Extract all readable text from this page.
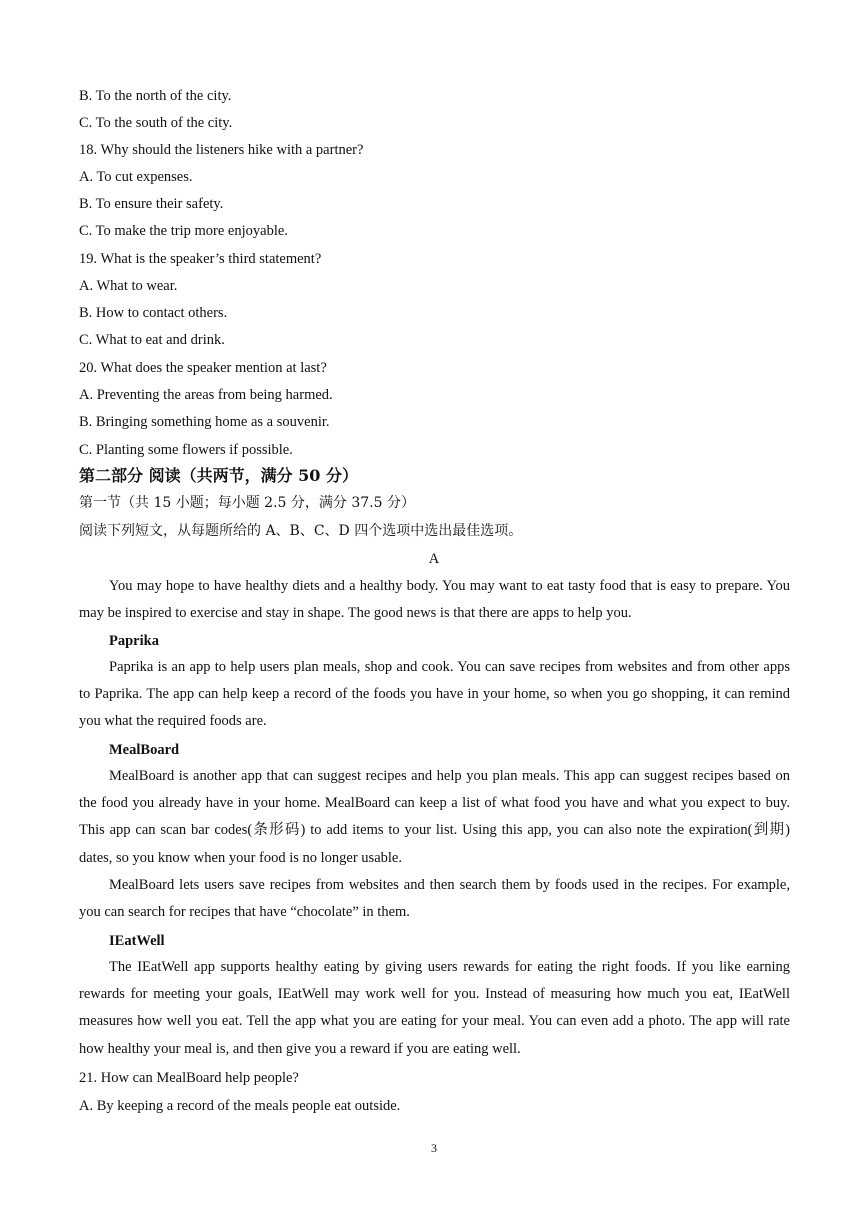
B. To the north of the city.
C. To the south of the city.
18. Why should the listeners hike with a partner?
A. To cut expenses.
B. To ensure their safety.
C. To make the trip more enjoyable.
19. What is the speaker’s third statement?
A. What to wear.
B. How to contact others.
C. What to eat and drink.
20. What does the speaker mention at last?
A. Preventing the areas from being harmed.
B. Bringing something home as a souvenir.
C. Planting some flowers if possible.
第二部分 阅读（共两节，满分 50 分）
第一节（共 15 小题；每小题 2.5 分，满分 37.5 分）
阅读下列短文，从每题所给的 A、B、C、D 四个选项中选出最佳选项。
A
You may hope to have healthy diets and a healthy body. You may want to eat tasty food that is easy to prepare. You may be inspired to exercise and stay in shape. The good news is that there are apps to help you.
Paprika
Paprika is an app to help users plan meals, shop and cook. You can save recipes from websites and from other apps to Paprika. The app can help keep a record of the foods you have in your home, so when you go shopping, it can remind you what the required foods are.
MealBoard
MealBoard is another app that can suggest recipes and help you plan meals. This app can suggest recipes based on the food you already have in your home. MealBoard can keep a list of what food you have and what you expect to buy. This app can scan bar codes(条形码) to add items to your list. Using this app, you can also note the expiration(到期) dates, so you know when your food is no longer usable.
MealBoard lets users save recipes from websites and then search them by foods used in the recipes. For example, you can search for recipes that have “chocolate” in them.
IEatWell
The IEatWell app supports healthy eating by giving users rewards for eating the right foods. If you like earning rewards for meeting your goals, IEatWell may work well for you. Instead of measuring how much you eat, IEatWell measures how well you eat. Tell the app what you are eating for your meal. You can even add a photo. The app will rate how healthy your meal is, and then give you a reward if you are eating well.
21. How can MealBoard help people?
A. By keeping a record of the meals people eat outside.
3
